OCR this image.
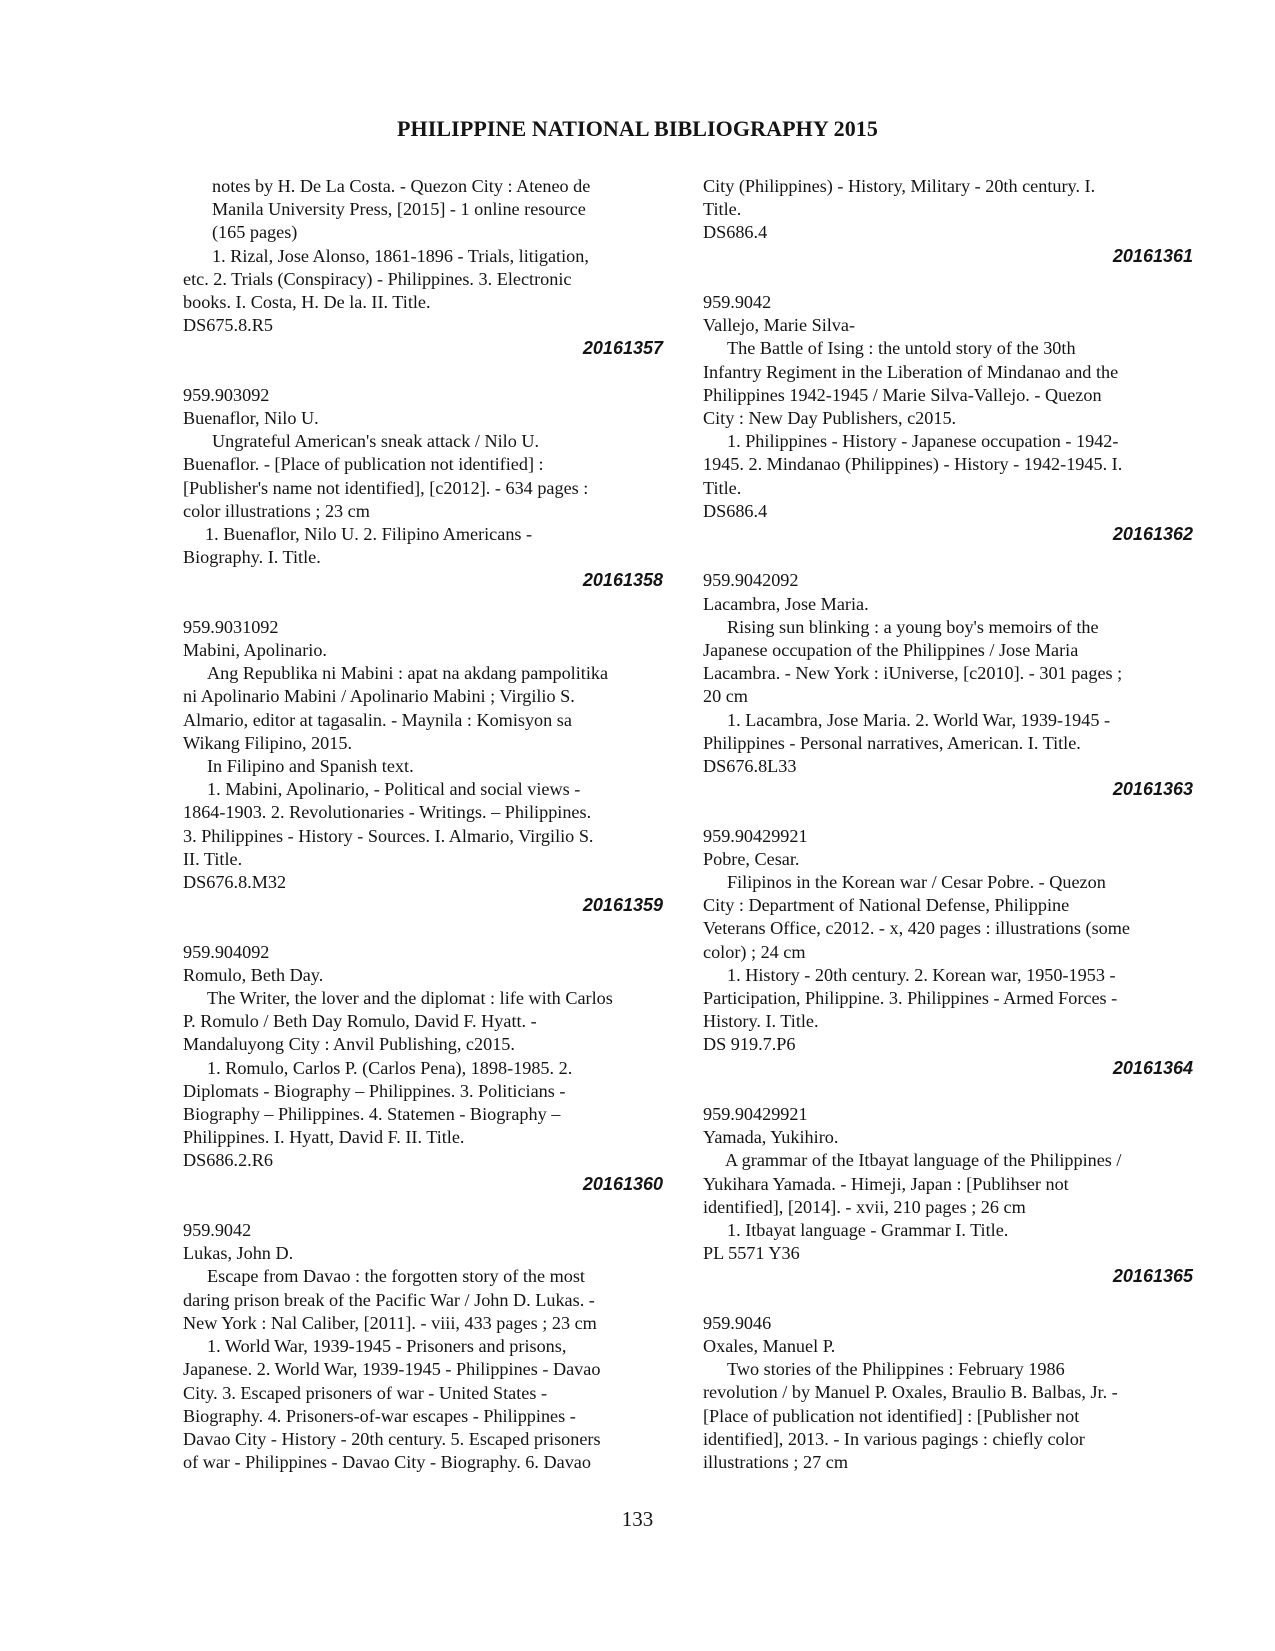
PHILIPPINE NATIONAL BIBLIOGRAPHY 2015
notes by H. De La Costa. - Quezon City : Ateneo de
Manila University Press, [2015] - 1 online resource
(165 pages)
1. Rizal, Jose Alonso, 1861-1896 - Trials, litigation,
etc. 2. Trials (Conspiracy) - Philippines. 3. Electronic
books. I. Costa, H. De la. II. Title.
DS675.8.R5
20161357
959.903092
Buenaflor, Nilo U.
Ungrateful American's sneak attack / Nilo U.
Buenaflor. - [Place of publication not identified] :
[Publisher's name not identified], [c2012]. - 634 pages :
color illustrations ; 23 cm
1. Buenaflor, Nilo U. 2. Filipino Americans -
Biography. I. Title.
20161358
959.9031092
Mabini, Apolinario.
Ang Republika ni Mabini : apat na akdang pampolitika
ni Apolinario Mabini / Apolinario Mabini ; Virgilio S.
Almario, editor at tagasalin. - Maynila : Komisyon sa
Wikang Filipino, 2015.
In Filipino and Spanish text.
1. Mabini, Apolinario, - Political and social views -
1864-1903. 2. Revolutionaries - Writings. – Philippines.
3. Philippines - History - Sources. I. Almario, Virgilio S.
II. Title.
DS676.8.M32
20161359
959.904092
Romulo, Beth Day.
The Writer, the lover and the diplomat : life with Carlos
P. Romulo / Beth Day Romulo, David F. Hyatt. -
Mandaluyong City : Anvil Publishing, c2015.
1. Romulo, Carlos P. (Carlos Pena), 1898-1985. 2.
Diplomats - Biography – Philippines. 3. Politicians -
Biography – Philippines. 4. Statemen - Biography –
Philippines. I. Hyatt, David F. II. Title.
DS686.2.R6
20161360
959.9042
Lukas, John D.
Escape from Davao : the forgotten story of the most
daring prison break of the Pacific War / John D. Lukas. -
New York : Nal Caliber, [2011]. - viii, 433 pages ; 23 cm
1. World War, 1939-1945 - Prisoners and prisons,
Japanese. 2. World War, 1939-1945 - Philippines - Davao
City. 3. Escaped prisoners of war - United States -
Biography. 4. Prisoners-of-war escapes - Philippines -
Davao City - History - 20th century. 5. Escaped prisoners
of war - Philippines - Davao City - Biography. 6. Davao
City (Philippines) - History, Military - 20th century. I.
Title.
DS686.4
20161361
959.9042
Vallejo, Marie Silva-
The Battle of Ising : the untold story of the 30th
Infantry Regiment in the Liberation of Mindanao and the
Philippines 1942-1945 / Marie Silva-Vallejo. - Quezon
City : New Day Publishers, c2015.
1. Philippines - History - Japanese occupation - 1942-
1945. 2. Mindanao (Philippines) - History - 1942-1945. I.
Title.
DS686.4
20161362
959.9042092
Lacambra, Jose Maria.
Rising sun blinking : a young boy's memoirs of the
Japanese occupation of the Philippines / Jose Maria
Lacambra. - New York : iUniverse, [c2010]. - 301 pages ;
20 cm
1. Lacambra, Jose Maria. 2. World War, 1939-1945 -
Philippines - Personal narratives, American. I. Title.
DS676.8L33
20161363
959.90429921
Pobre, Cesar.
Filipinos in the Korean war / Cesar Pobre. - Quezon
City : Department of National Defense, Philippine
Veterans Office, c2012. - x, 420 pages : illustrations (some
color) ; 24 cm
1. History - 20th century. 2. Korean war, 1950-1953 -
Participation, Philippine. 3. Philippines - Armed Forces -
History. I. Title.
DS 919.7.P6
20161364
959.90429921
Yamada, Yukihiro.
A grammar of the Itbayat language of the Philippines /
Yukihara Yamada. - Himeji, Japan : [Publihser not
identified], [2014]. - xvii, 210 pages ; 26 cm
1. Itbayat language - Grammar I. Title.
PL 5571 Y36
20161365
959.9046
Oxales, Manuel P.
Two stories of the Philippines : February 1986
revolution / by Manuel P. Oxales, Braulio B. Balbas, Jr. -
[Place of publication not identified] : [Publisher not
identified], 2013. - In various pagings : chiefly color
illustrations ; 27 cm
133
